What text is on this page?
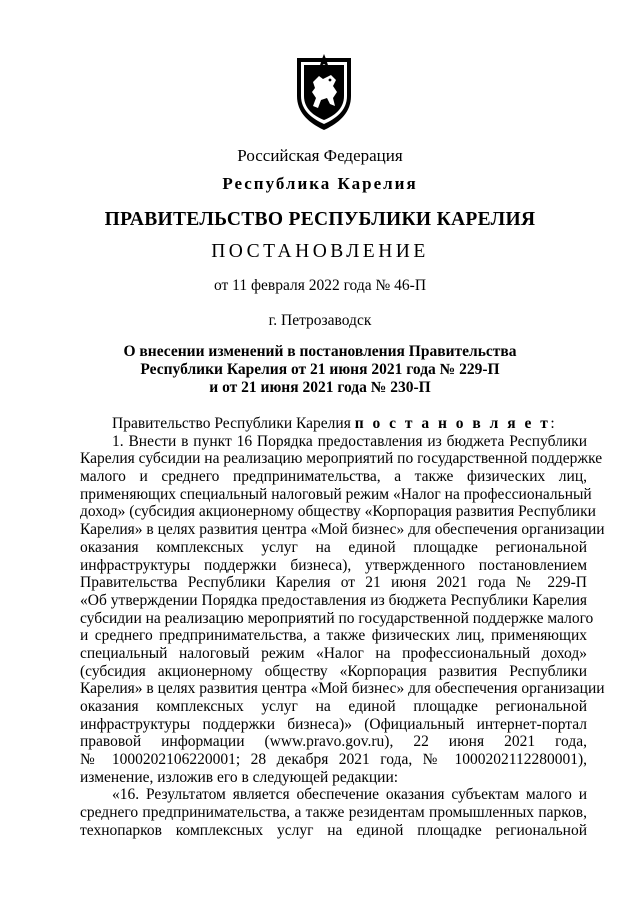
Российская Федерация
Республика Карелия
ПРАВИТЕЛЬСТВО РЕСПУБЛИКИ КАРЕЛИЯ
ПОСТАНОВЛЕНИЕ
от 11 февраля 2022 года № 46-П
г. Петрозаводск
О внесении изменений в постановления Правительства
Республики Карелия от 21 июня 2021 года № 229-П
и от 21 июня 2021 года № 230-П
Правительство Республики Карелия п о с т а н о в л я е т:
1. Внести в пункт 16 Порядка предоставления из бюджета Республики
Карелия субсидии на реализацию мероприятий по государственной поддержке
малого и среднего предпринимательства, а также физических лиц,
применяющих специальный налоговый режим «Налог на профессиональный
доход» (субсидия акционерному обществу «Корпорация развития Республики
Карелия» в целях развития центра «Мой бизнес» для обеспечения организации
оказания комплексных услуг на единой площадке региональной
инфраструктуры поддержки бизнеса), утвержденного постановлением
Правительства Республики Карелия от 21 июня 2021 года № 229-П
«Об утверждении Порядка предоставления из бюджета Республики Карелия
субсидии на реализацию мероприятий по государственной поддержке малого
и среднего предпринимательства, а также физических лиц, применяющих
специальный налоговый режим «Налог на профессиональный доход»
(субсидия акционерному обществу «Корпорация развития Республики
Карелия» в целях развития центра «Мой бизнес» для обеспечения организации
оказания комплексных услуг на единой площадке региональной
инфраструктуры поддержки бизнеса)» (Официальный интернет-портал
правовой информации (www.pravo.gov.ru), 22 июня 2021 года,
№ 1000202106220001; 28 декабря 2021 года, № 1000202112280001),
изменение, изложив его в следующей редакции:
«16. Результатом является обеспечение оказания субъектам малого и
среднего предпринимательства, а также резидентам промышленных парков,
технопарков комплексных услуг на единой площадке региональной
